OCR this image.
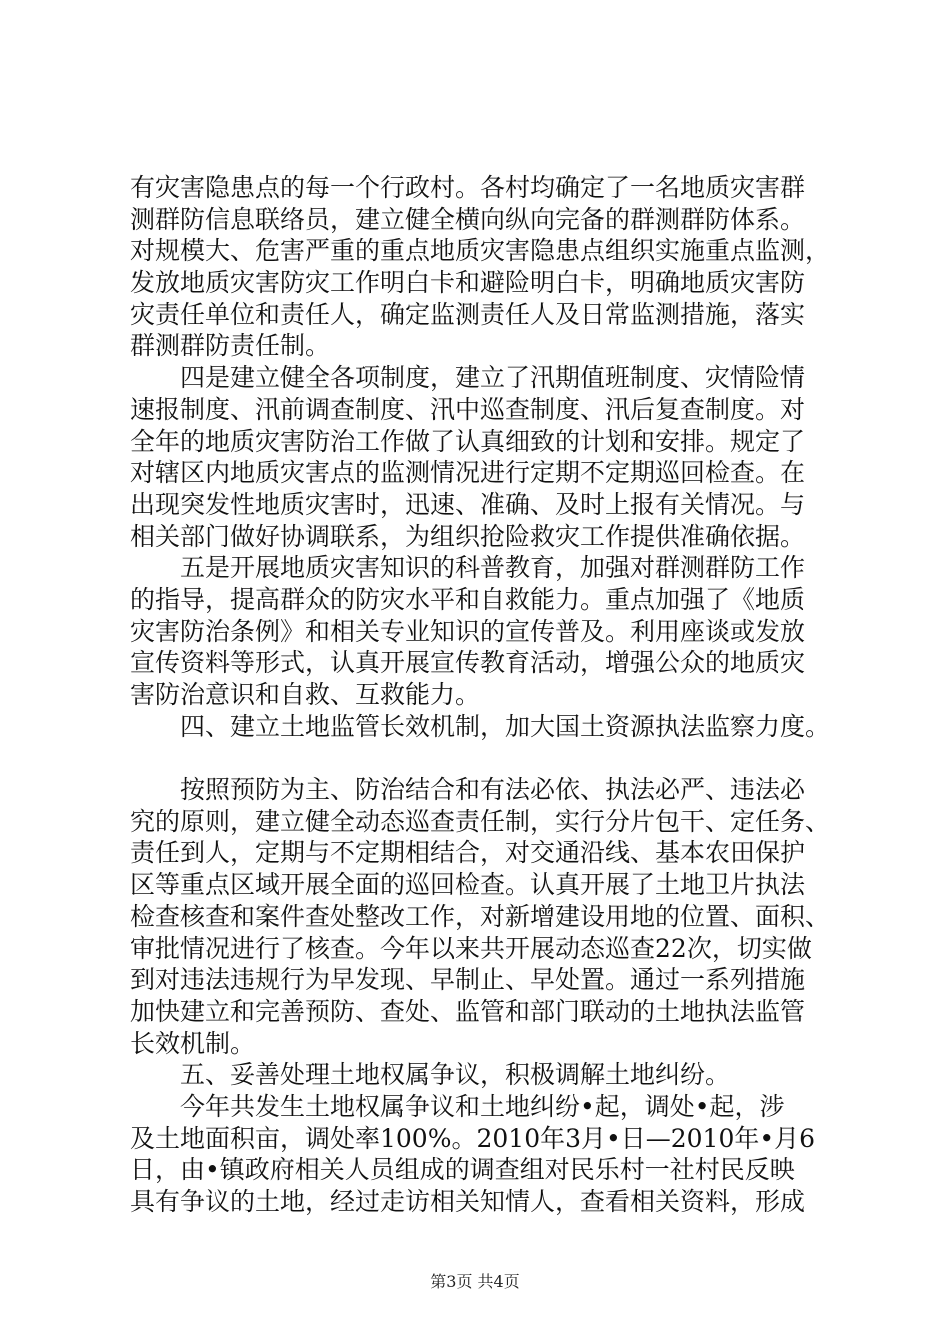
有灾害隐患点的每一个行政村。各村均确定了一名地质灾害群
测群防信息联络员，建立健全横向纵向完备的群测群防体系。
对规模大、危害严重的重点地质灾害隐患点组织实施重点监测，
发放地质灾害防灾工作明白卡和避险明白卡，明确地质灾害防
灾责任单位和责任人，确定监测责任人及日常监测措施，落实
群测群防责任制。
　　四是建立健全各项制度，建立了汛期值班制度、灾情险情
速报制度、汛前调查制度、汛中巡查制度、汛后复查制度。对
全年的地质灾害防治工作做了认真细致的计划和安排。规定了
对辖区内地质灾害点的监测情况进行定期不定期巡回检查。在
出现突发性地质灾害时，迅速、准确、及时上报有关情况。与
相关部门做好协调联系，为组织抢险救灾工作提供准确依据。
　　五是开展地质灾害知识的科普教育，加强对群测群防工作
的指导，提高群众的防灾水平和自救能力。重点加强了《地质
灾害防治条例》和相关专业知识的宣传普及。利用座谈或发放
宣传资料等形式，认真开展宣传教育活动，增强公众的地质灾
害防治意识和自救、互救能力。
　　四、建立土地监管长效机制，加大国土资源执法监察力度。
　　按照预防为主、防治结合和有法必依、执法必严、违法必
究的原则，建立健全动态巡查责任制，实行分片包干、定任务、
责任到人，定期与不定期相结合，对交通沿线、基本农田保护
区等重点区域开展全面的巡回检查。认真开展了土地卫片执法
检查核查和案件查处整改工作，对新增建设用地的位置、面积、
审批情况进行了核查。今年以来共开展动态巡查22次，切实做
到对违法违规行为早发现、早制止、早处置。通过一系列措施
加快建立和完善预防、查处、监管和部门联动的土地执法监管
长效机制。
　　五、妥善处理土地权属争议，积极调解土地纠纷。
　　今年共发生土地权属争议和土地纠纷•起，调处•起，涉
及土地面积亩，调处率100%。2010年3月•日—2010年•月6
日，由•镇政府相关人员组成的调查组对民乐村一社村民反映
具有争议的土地，经过走访相关知情人，查看相关资料，形成
第3页 共4页
